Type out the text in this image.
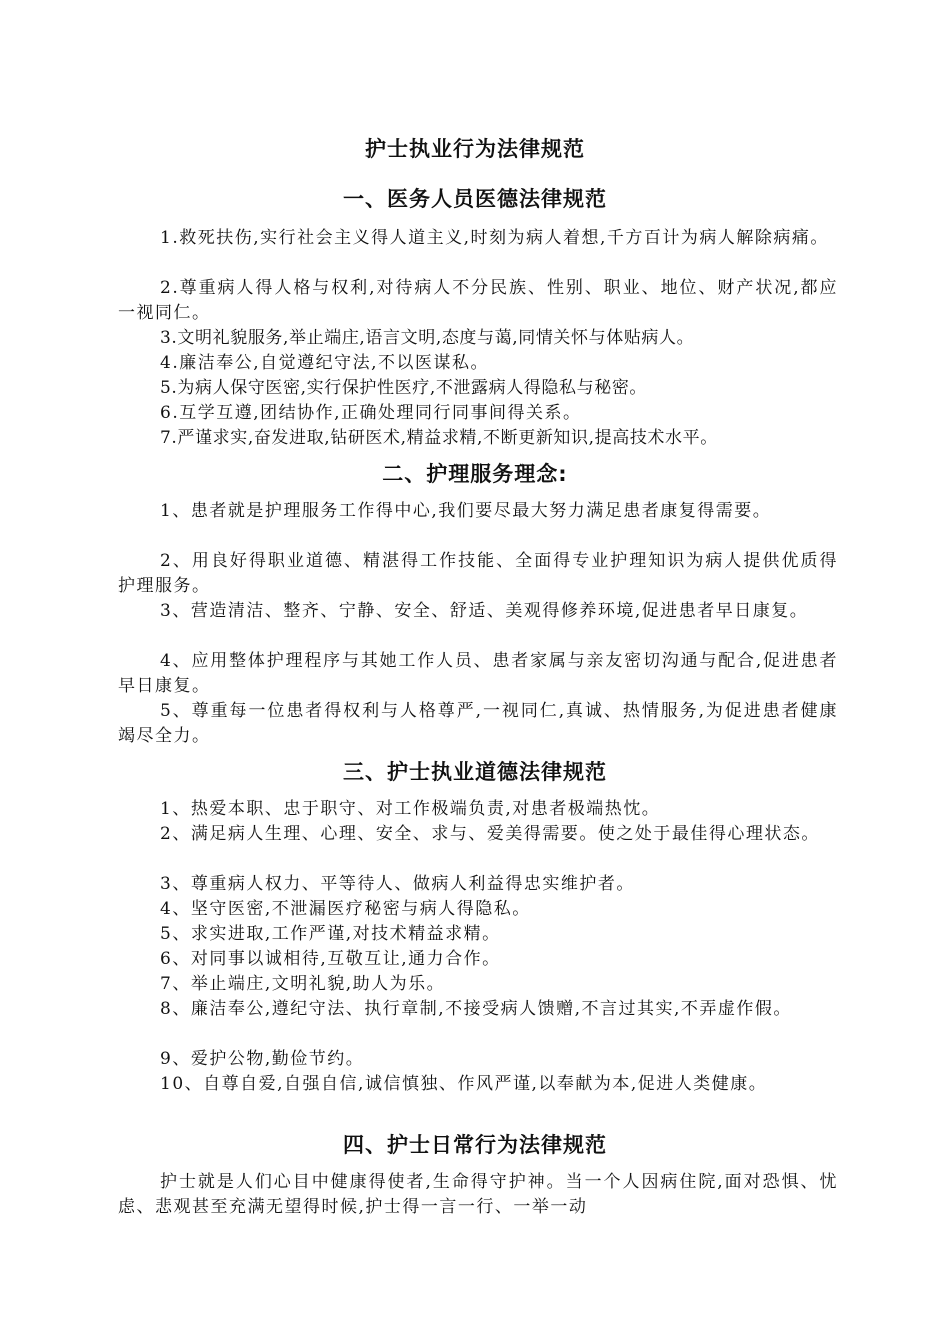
护士执业行为法律规范
一、医务人员医德法律规范

1.救死扶伤,实行社会主义得人道主义,时刻为病人着想,千方百计为病人解除病痛。

2.尊重病人得人格与权利,对待病人不分民族、性别、职业、地位、财产状况,都应一视同仁。

3.文明礼貌服务,举止端庄,语言文明,态度与蔼,同情关怀与体贴病人。

4.廉洁奉公,自觉遵纪守法,不以医谋私。

5.为病人保守医密,实行保护性医疗,不泄露病人得隐私与秘密。

6.互学互遵,团结协作,正确处理同行同事间得关系。

7.严谨求实,奋发进取,钻研医术,精益求精,不断更新知识,提高技术水平。

二、护理服务理念:

1、患者就是护理服务工作得中心,我们要尽最大努力满足患者康复得需要。

2、用良好得职业道德、精湛得工作技能、全面得专业护理知识为病人提供优质得护理服务。

3、营造清洁、整齐、宁静、安全、舒适、美观得修养环境,促进患者早日康复。

4、应用整体护理程序与其她工作人员、患者家属与亲友密切沟通与配合,促进患者早日康复。

5、尊重每一位患者得权利与人格尊严,一视同仁,真诚、热情服务,为促进患者健康竭尽全力。

三、护士执业道德法律规范

1、热爱本职、忠于职守、对工作极端负责,对患者极端热忱。

2、满足病人生理、心理、安全、求与、爱美得需要。使之处于最佳得心理状态。

3、尊重病人权力、平等待人、做病人利益得忠实维护者。

4、坚守医密,不泄漏医疗秘密与病人得隐私。

5、求实进取,工作严谨,对技术精益求精。

6、对同事以诚相待,互敬互让,通力合作。

7、举止端庄,文明礼貌,助人为乐。

8、廉洁奉公,遵纪守法、执行章制,不接受病人馈赠,不言过其实,不弄虚作假。

9、爱护公物,勤俭节约。

10、自尊自爱,自强自信,诚信慎独、作风严谨,以奉献为本,促进人类健康。

四、护士日常行为法律规范

护士就是人们心目中健康得使者,生命得守护神。当一个人因病住院,面对恐惧、忧虑、悲观甚至充满无望得时候,护士得一言一行、一举一动
